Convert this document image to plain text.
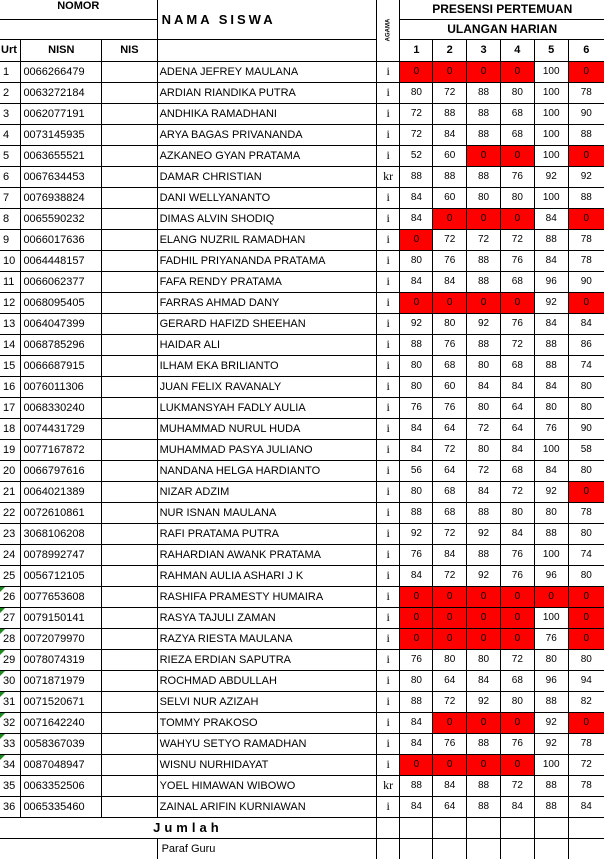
NOMOR			NAMA SISWA	AGAMA	PRESENSI PERTEMUAN					
					ULANGAN HARIAN					
Urt	NISN	NIS			1	2	3	4	5	6
1	0066266479		ADENA JEFREY MAULANA	i	0	0	0	0	100	0
2	0063272184		ARDIAN RIANDIKA PUTRA	i	80	72	88	80	100	78
3	0062077191		ANDHIKA RAMADHANI	i	72	88	88	68	100	90
4	0073145935		ARYA BAGAS PRIVANANDA	i	72	84	88	68	100	88
5	0063655521		AZKANEO GYAN PRATAMA	i	52	60	0	0	100	0
6	0067634453		DAMAR CHRISTIAN	kr	88	88	88	76	92	92
7	0076938824		DANI WELLYANANTO	i	84	60	80	80	100	88
8	0065590232		DIMAS ALVIN SHODIQ	i	84	0	0	0	84	0
9	0066017636		ELANG NUZRIL RAMADHAN	i	0	72	72	72	88	78
10	0064448157		FADHIL PRIYANANDA PRATAMA	i	80	76	88	76	84	78
11	0066062377		FAFA RENDY PRATAMA	i	84	84	88	68	96	90
12	0068095405		FARRAS AHMAD DANY	i	0	0	0	0	92	0
13	0064047399		GERARD HAFIZD SHEEHAN	i	92	80	92	76	84	84
14	0068785296		HAIDAR ALI	i	88	76	88	72	88	86
15	0066687915		ILHAM EKA BRILIANTO	i	80	68	80	68	88	74
16	0076011306		JUAN FELIX RAVANALY	i	80	60	84	84	84	80
17	0068330240		LUKMANSYAH FADLY AULIA	i	76	76	80	64	80	80
18	0074431729		MUHAMMAD NURUL HUDA	i	84	64	72	64	76	90
19	0077167872		MUHAMMAD PASYA JULIANO	i	84	72	80	84	100	58
20	0066797616		NANDANA HELGA HARDIANTO	i	56	64	72	68	84	80
21	0064021389		NIZAR ADZIM	i	80	68	84	72	92	0
22	0072610861		NUR ISNAN MAULANA	i	88	68	88	80	80	78
23	3068106208		RAFI PRATAMA PUTRA	i	92	72	92	84	88	80
24	0078992747		RAHARDIAN AWANK PRATAMA	i	76	84	88	76	100	74
25	0056712105		RAHMAN AULIA ASHARI J K	i	84	72	92	76	96	80
26	0077653608		RASHIFA PRAMESTY HUMAIRA	i	0	0	0	0	0	0
27	0079150141		RASYA TAJULI ZAMAN	i	0	0	0	0	100	0
28	0072079970		RAZYA RIESTA MAULANA	i	0	0	0	0	76	0
29	0078074319		RIEZA ERDIAN SAPUTRA	i	76	80	80	72	80	80
30	0071871979		ROCHMAD ABDULLAH	i	80	64	84	68	96	94
31	0071520671		SELVI NUR AZIZAH	i	88	72	92	80	88	82
32	0071642240		TOMMY PRAKOSO	i	84	0	0	0	92	0
33	0058367039		WAHYU SETYO RAMADHAN	i	84	76	88	76	92	78
34	0087048947		WISNU NURHIDAYAT	i	0	0	0	0	100	72
35	0063352506		YOEL HIMAWAN WIBOWO	kr	88	84	88	72	88	78
36	0065335460		ZAINAL ARIFIN KURNIAWAN	i	84	64	88	84	88	84
Jumlah										
			Paraf Guru							
